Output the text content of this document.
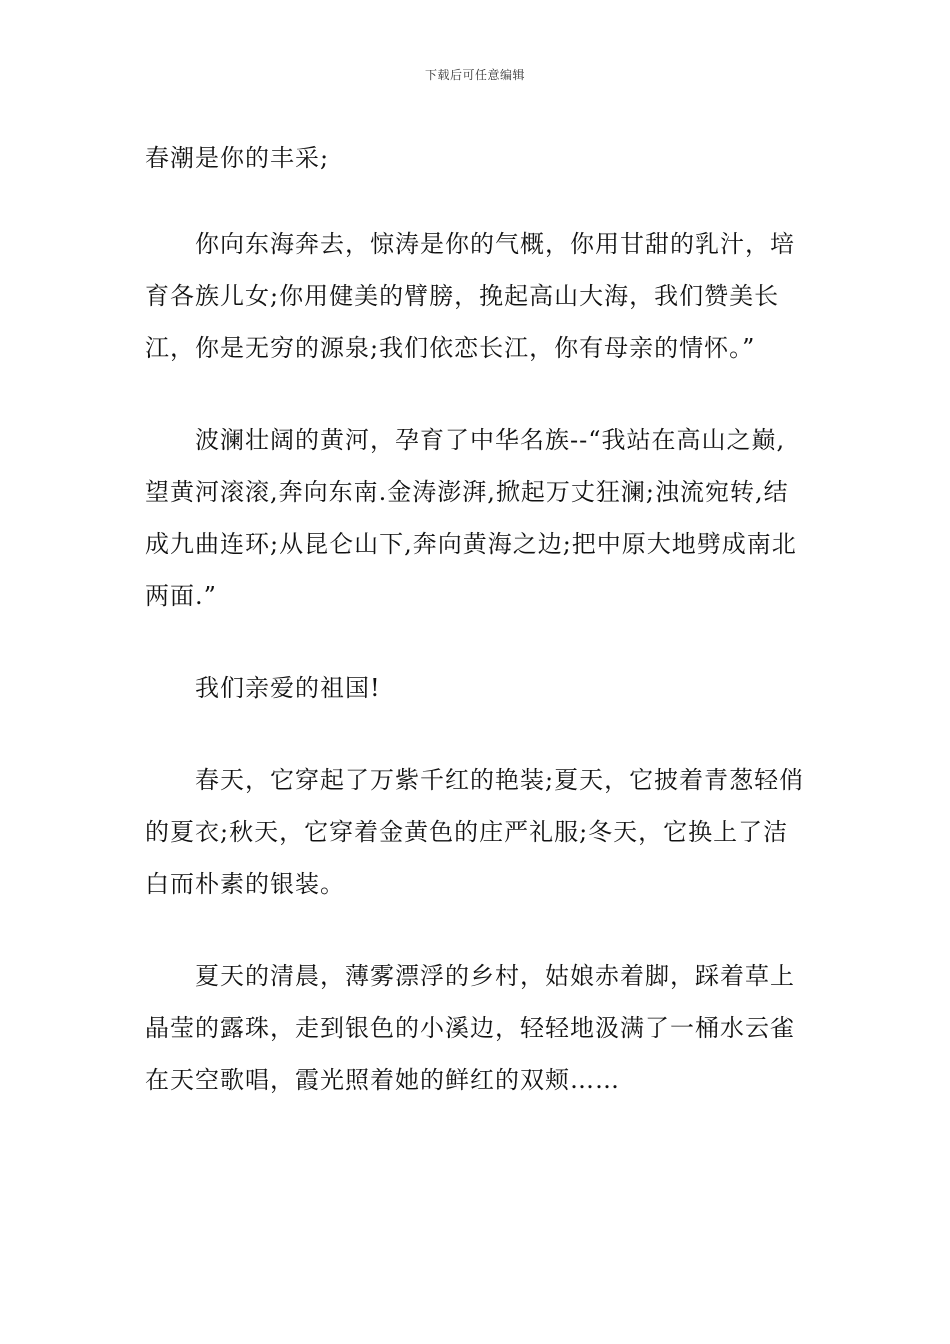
下载后可任意编辑

春潮是你的丰采;

你向东海奔去，惊涛是你的气概，你用甘甜的乳汁，培育各族儿女;你用健美的臂膀，挽起高山大海，我们赞美长江，你是无穷的源泉;我们依恋长江，你有母亲的情怀。”

波澜壮阔的黄河，孕育了中华名族--“我站在高山之巅,望黄河滚滚,奔向东南.金涛澎湃,掀起万丈狂澜;浊流宛转,结成九曲连环;从昆仑山下,奔向黄海之边;把中原大地劈成南北两面.”

我们亲爱的祖国!

春天，它穿起了万紫千红的艳装;夏天，它披着青葱轻俏的夏衣;秋天，它穿着金黄色的庄严礼服;冬天，它换上了洁白而朴素的银装。

夏天的清晨，薄雾漂浮的乡村，姑娘赤着脚，踩着草上晶莹的露珠，走到银色的小溪边，轻轻地汲满了一桶水云雀在天空歌唱，霞光照着她的鲜红的双颊……
